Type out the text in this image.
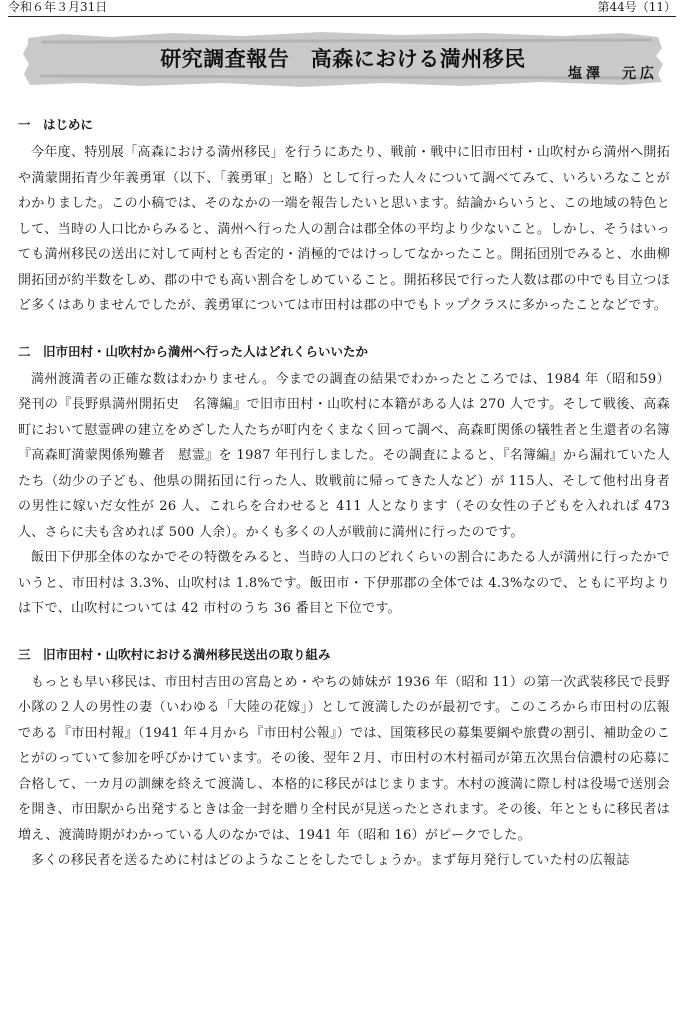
令和６年３月31日	第44号（11）
研究調査報告　高森における満州移民
塩澤　元広
一　はじめに

今年度、特別展「高森における満州移民」を行うにあたり、戦前・戦中に旧市田村・山吹村から満州へ開拓や満蒙開拓青少年義勇軍（以下、「義勇軍」と略）として行った人々について調べてみて、いろいろなことがわかりました。この小稿では、そのなかの一端を報告したいと思います。結論からいうと、この地域の特色として、当時の人口比からみると、満州へ行った人の割合は郡全体の平均より少ないこと。しかし、そうはいっても満州移民の送出に対して両村とも否定的・消極的ではけっしてなかったこと。開拓団別でみると、水曲柳開拓団が約半数をしめ、郡の中でも高い割合をしめていること。開拓移民で行った人数は郡の中でも目立つほど多くはありませんでしたが、義勇軍については市田村は郡の中でもトップクラスに多かったことなどです。

二　旧市田村・山吹村から満州へ行った人はどれくらいいたか

満州渡満者の正確な数はわかりません。今までの調査の結果でわかったところでは、1984 年（昭和59）発刊の『長野県満州開拓史　名簿編』で旧市田村・山吹村に本籍がある人は 270 人です。そして戦後、高森町において慰霊碑の建立をめざした人たちが町内をくまなく回って調べ、高森町関係の犠牲者と生還者の名簿『高森町満蒙関係殉難者　慰霊』を 1987 年刊行しました。その調査によると、『名簿編』から漏れていた人たち（幼少の子ども、他県の開拓団に行った人、敗戦前に帰ってきた人など）が 115人、そして他村出身者の男性に嫁いだ女性が 26 人、これらを合わせると 411 人となります（その女性の子どもを入れれば 473 人、さらに夫も含めれば 500 人余）。かくも多くの人が戦前に満州に行ったのです。

飯田下伊那全体のなかでその特徴をみると、当時の人口のどれくらいの割合にあたる人が満州に行ったかでいうと、市田村は 3.3%、山吹村は 1.8%です。飯田市・下伊那郡の全体では 4.3%なので、ともに平均よりは下で、山吹村については 42 市村のうち 36 番目と下位です。

三　旧市田村・山吹村における満州移民送出の取り組み

もっとも早い移民は、市田村吉田の宮島とめ・やちの姉妹が 1936 年（昭和 11）の第一次武装移民で長野小隊の２人の男性の妻（いわゆる「大陸の花嫁」）として渡満したのが最初です。このころから市田村の広報である『市田村報』（1941 年４月から『市田村公報』）では、国策移民の募集要綱や旅費の割引、補助金のことがのっていて参加を呼びかけています。その後、翌年２月、市田村の木村福司が第五次黒台信濃村の応募に合格して、一カ月の訓練を終えて渡満し、本格的に移民がはじまります。木村の渡満に際し村は役場で送別会を開き、市田駅から出発するときは金一封を贈り全村民が見送ったとされます。その後、年とともに移民者は増え、渡満時期がわかっている人のなかでは、1941 年（昭和 16）がピークでした。

多くの移民者を送るために村はどのようなことをしたでしょうか。まず毎月発行していた村の広報誌
